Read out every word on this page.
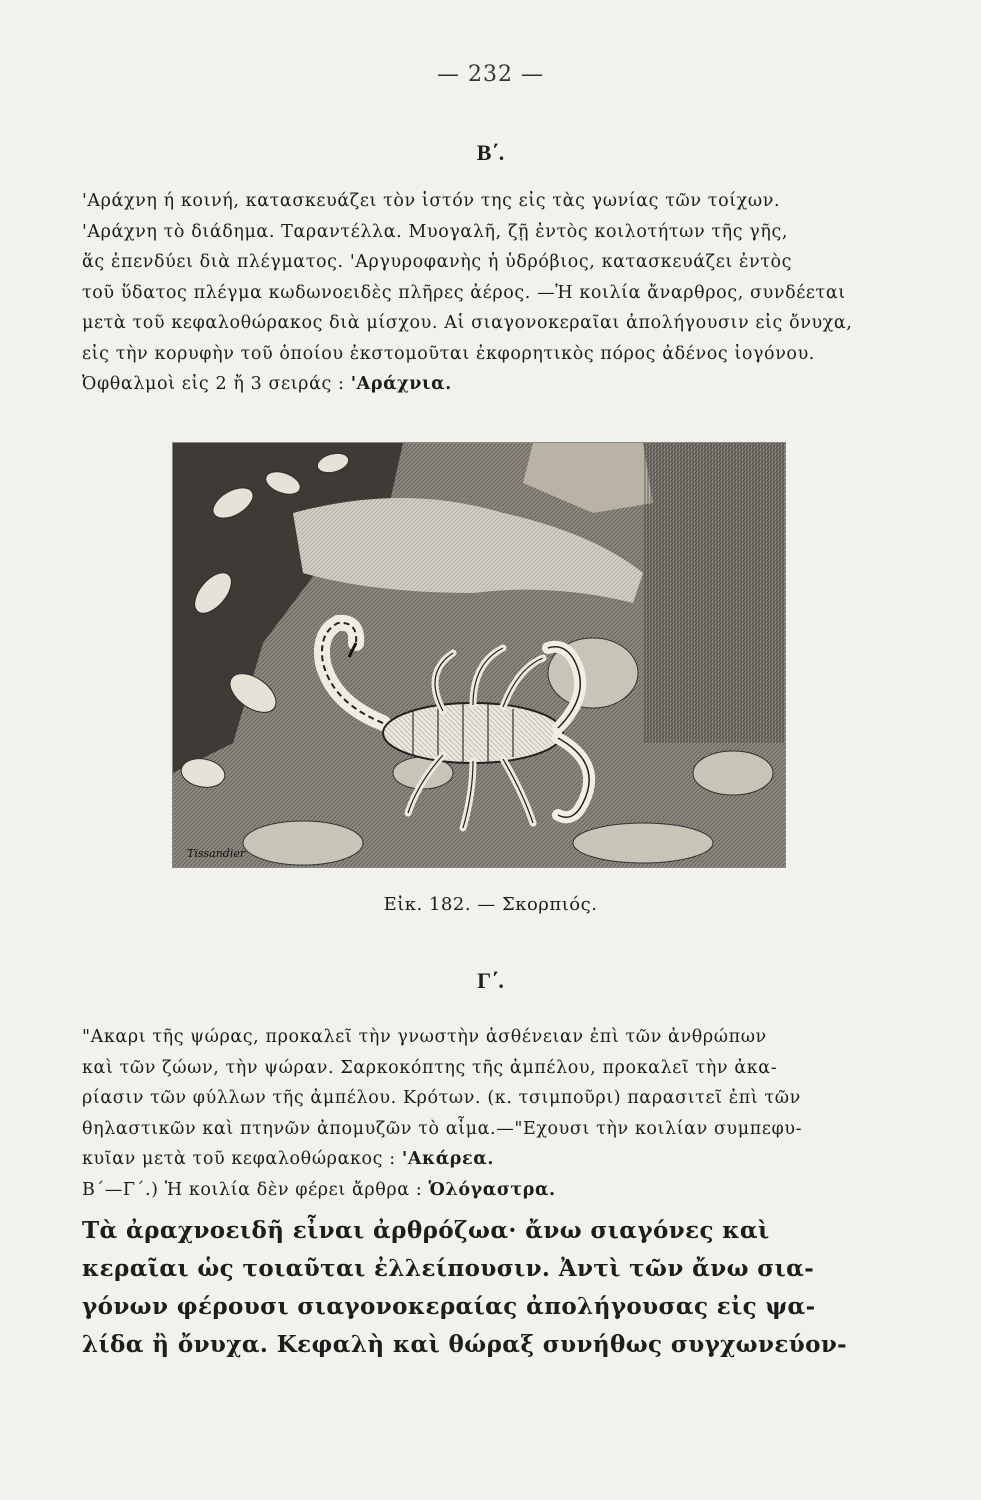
— 232 —
Β΄.
'Αράχνη ή κοινή, κατασκευάζει τὸν ἱστόν της εἰς τὰς γωνίας τῶν τοίχων.
'Αράχνη τὸ διάδημα. Ταραντέλλα. Μυογαλῆ, ζῇ ἐντὸς κοιλοτήτων τῆς γῆς,
ἅς ἐπενδύει διὰ πλέγματος. 'Αργυροφανὴς ἡ ὑδρόβιος, κατασκευάζει ἐντὸς
τοῦ ὕδατος πλέγμα κωδωνοειδὲς πλῆρες ἀέρος. —Ἡ κοιλία ἄναρθρος, συνδέεται
μετὰ τοῦ κεφαλοθώρακος διὰ μίσχου. Αἱ σιαγονοκεραῖαι ἀπολήγουσιν εἰς ὄνυχα,
εἰς τὴν κορυφὴν τοῦ ὁποίου ἐκστομοῦται ἐκφορητικὸς πόρος ἀδένος ἰογόνου.
Ὀφθαλμοὶ εἰς 2 ἤ 3 σειράς : 'Αράχνια.
Tissandier
Εἰκ. 182. — Σκορπιός.
Γ΄.
"Ακαρι τῆς ψώρας, προκαλεῖ τὴν γνωστὴν ἀσθένειαν ἐπὶ τῶν ἀνθρώπων
καὶ τῶν ζώων, τὴν ψώραν. Σαρκοκόπτης τῆς ἀμπέλου, προκαλεῖ τὴν ἀκα-
ρίασιν τῶν φύλλων τῆς ἀμπέλου. Κρότων. (κ. τσιμποῦρι) παρασιτεῖ ἐπὶ τῶν
θηλαστικῶν καὶ πτηνῶν ἀπομυζῶν τὸ αἷμα.—"Εχουσι τὴν κοιλίαν συμπεφυ-
κυῖαν μετὰ τοῦ κεφαλοθώρακος : 'Ακάρεα.
Β΄—Γ΄.) Ἡ κοιλία δὲν φέρει ἄρθρα : Ὁλόγαστρα.
Τὰ ἀραχνοειδῆ εἶναι ἀρθρόζωα· ἄνω σιαγόνες καὶ
κεραῖαι ὡς τοιαῦται ἐλλείπουσιν. Ἀντὶ τῶν ἄνω σια-
γόνων φέρουσι σιαγονοκεραίας ἀπολήγουσας εἰς ψα-
λίδα ἢ ὄνυχα. Κεφαλὴ καὶ θώραξ συνήθως συγχωνεύον-
